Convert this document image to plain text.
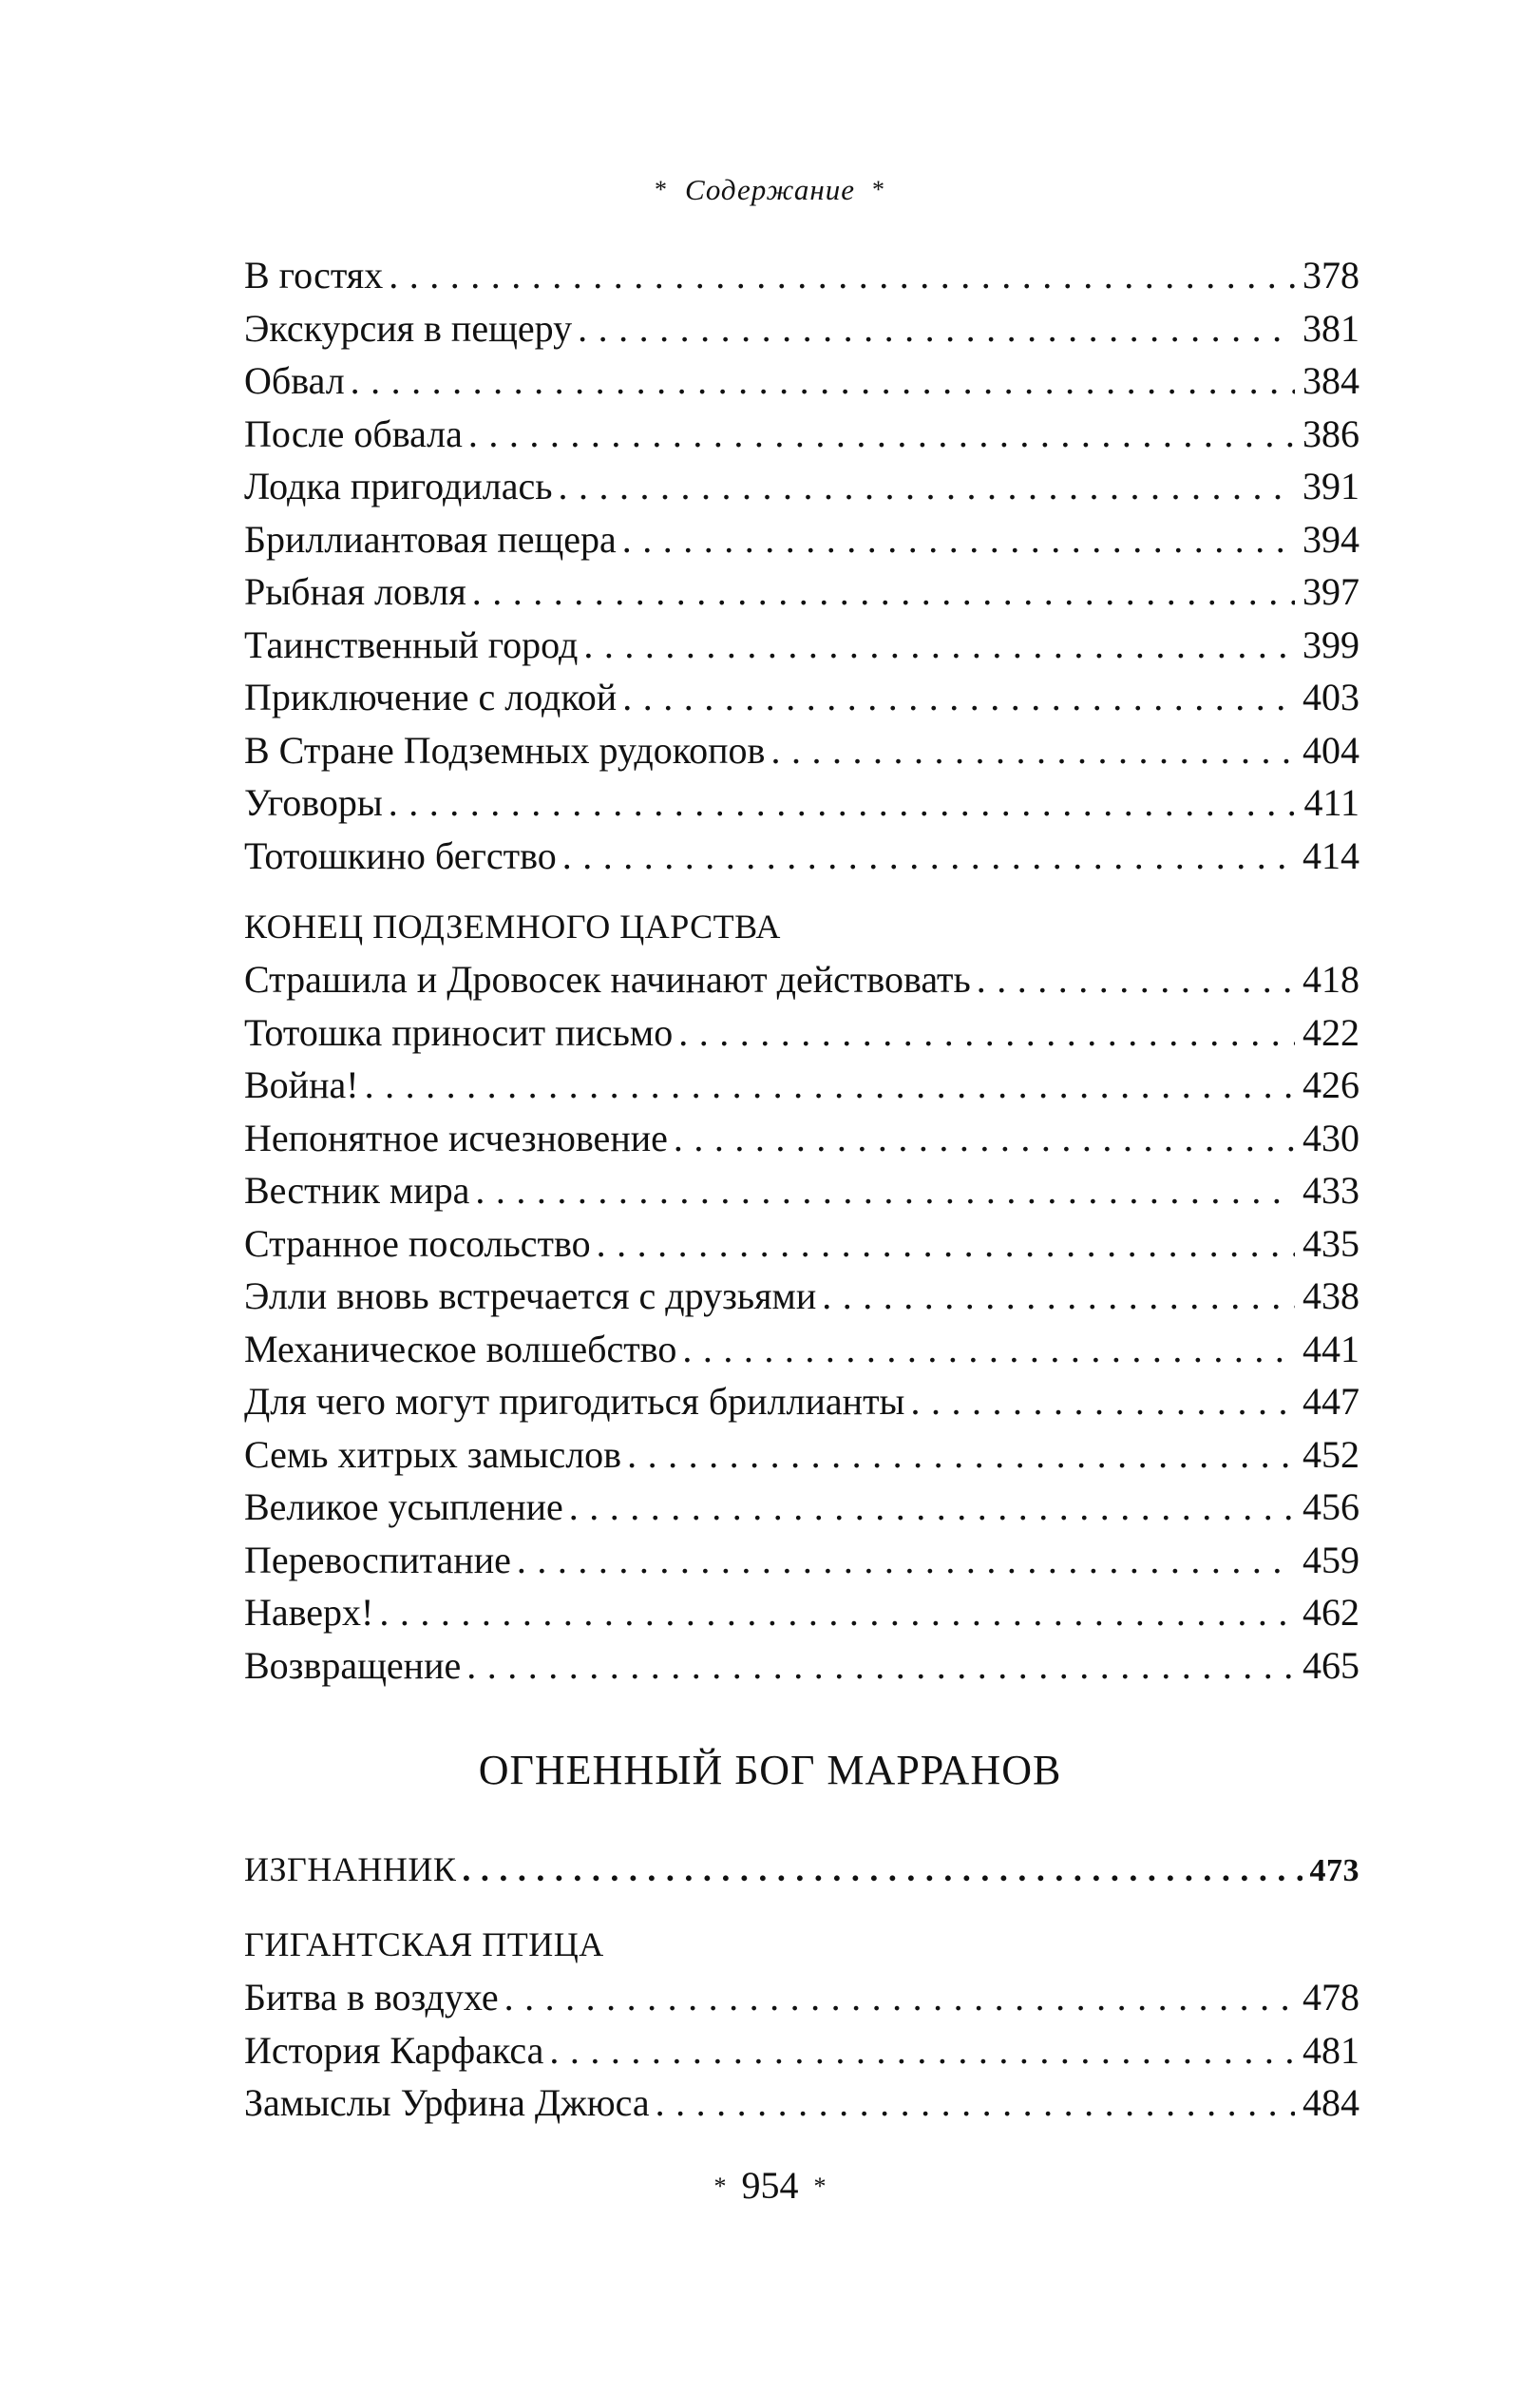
* Содержание *
В гостях . . .	378
Экскурсия в пещеру . . .	381
Обвал . . .	384
После обвала . . .	386
Лодка пригодилась . . .	391
Бриллиантовая пещера . . .	394
Рыбная ловля . . .	397
Таинственный город . . .	399
Приключение с лодкой . . .	403
В Стране Подземных рудокопов . . .	404
Уговоры . . .	411
Тотошкино бегство . . .	414
КОНЕЦ ПОДЗЕМНОГО ЦАРСТВА
Страшила и Дровосек начинают действовать . . .	418
Тотошка приносит письмо . . .	422
Война! . . .	426
Непонятное исчезновение . . .	430
Вестник мира . . .	433
Странное посольство . . .	435
Элли вновь встречается с друзьями . . .	438
Механическое волшебство . . .	441
Для чего могут пригодиться бриллианты . . .	447
Семь хитрых замыслов . . .	452
Великое усыпление . . .	456
Перевоспитание . . .	459
Наверх! . . .	462
Возвращение . . .	465
ОГНЕННЫЙ БОГ МАРРАНОВ
ИЗГНАННИК . . .	473
ГИГАНТСКАЯ ПТИЦА
Битва в воздухе . . .	478
История Карфакса . . .	481
Замыслы Урфина Джюса . . .	484
* 954 *
